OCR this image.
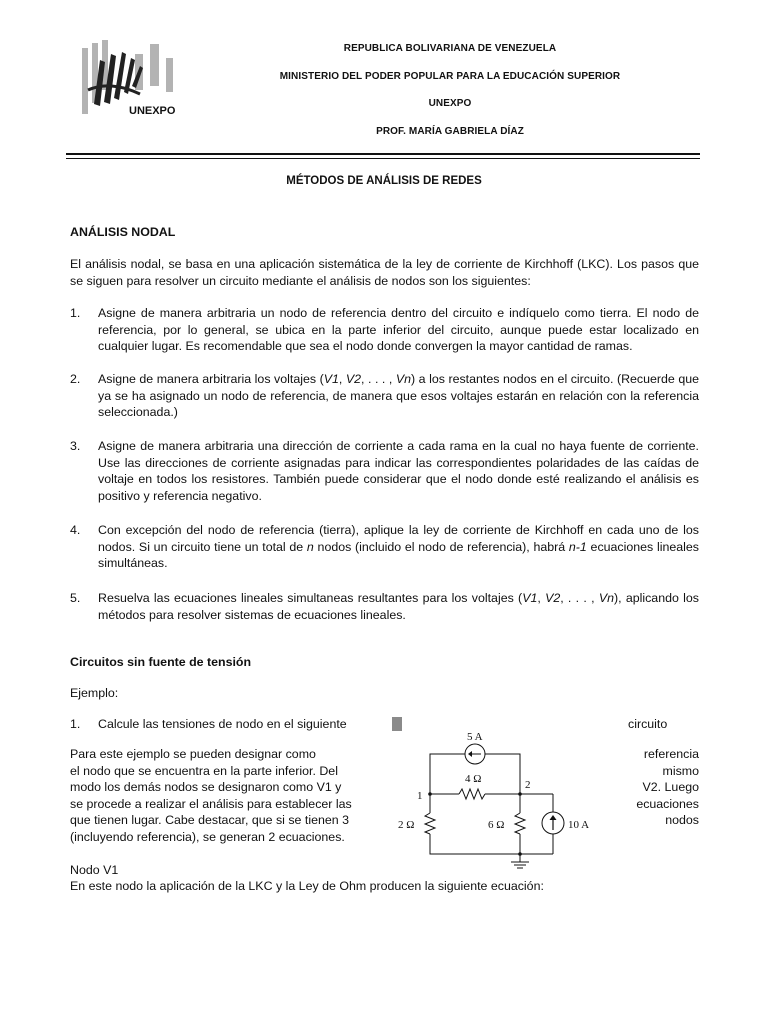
UNEXPO
REPUBLICA BOLIVARIANA DE VENEZUELA
MINISTERIO DEL PODER POPULAR PARA LA EDUCACIÓN SUPERIOR
UNEXPO
PROF. MARÍA GABRIELA DÍAZ
MÉTODOS DE ANÁLISIS DE REDES
ANÁLISIS NODAL
El análisis nodal, se basa en una aplicación sistemática de la ley de corriente de Kirchhoff (LKC). Los pasos que se siguen para resolver un circuito mediante el análisis de nodos son los siguientes:
1. Asigne de manera arbitraria un nodo de referencia dentro del circuito e indíquelo como tierra. El nodo de referencia, por lo general, se ubica en la parte inferior del circuito, aunque puede estar localizado en cualquier lugar. Es recomendable que sea el nodo donde convergen la mayor cantidad de ramas.
2. Asigne de manera arbitraria los voltajes (V1, V2, . . . , Vn) a los restantes nodos en el circuito. (Recuerde que ya se ha asignado un nodo de referencia, de manera que esos voltajes estarán en relación con la referencia seleccionada.)
3. Asigne de manera arbitraria una dirección de corriente a cada rama en la cual no haya fuente de corriente. Use las direcciones de corriente asignadas para indicar las correspondientes polaridades de las caídas de voltaje en todos los resistores. También puede considerar que el nodo donde esté realizando el análisis es positivo y referencia negativo.
4. Con excepción del nodo de referencia (tierra), aplique la ley de corriente de Kirchhoff en cada uno de los nodos. Si un circuito tiene un total de n nodos (incluido el nodo de referencia), habrá n-1 ecuaciones lineales simultáneas.
5. Resuelva las ecuaciones lineales simultaneas resultantes para los voltajes (V1, V2, . . . , Vn), aplicando los métodos para resolver sistemas de ecuaciones lineales.
Circuitos sin fuente de tensión
Ejemplo:
1. Calcule las tensiones de nodo en el siguiente	circuito
Para este ejemplo se pueden designar como
el nodo que se encuentra en la parte inferior. Del
modo los demás nodos se designaron como V1 y
se procede a realizar el análisis para establecer las
que tienen lugar. Cabe destacar, que si se tienen 3
(incluyendo referencia), se generan 2 ecuaciones.
referencia
mismo
V2. Luego
ecuaciones
nodos
5 A
4 Ω
1
2
2 Ω	6 Ω	10 A
Nodo V1
En este nodo la aplicación de la LKC y la Ley de Ohm producen la siguiente ecuación:
